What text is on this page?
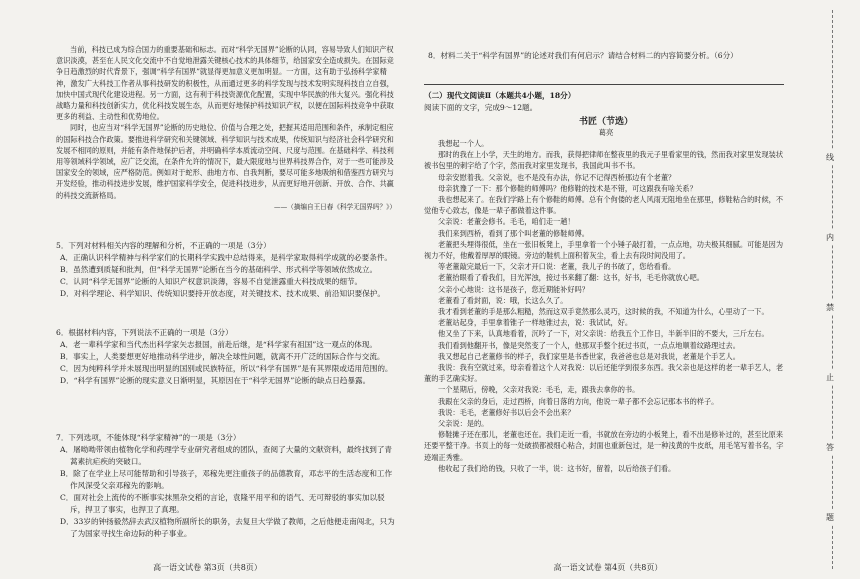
当前，科技已成为综合国力的重要基础和标志。而对“科学无国界”论断的认同，容易导致人们知识产权意识淡漠，甚至在人民文化交流中不自觉地泄露关键核心技术的具体细节，给国家安全造成损失。在国际竞争日趋激烈的时代背景下，强调“科学有国界”就显得更加意义更加明显。一方面，这有助于弘扬科学家精神，激发广大科技工作者从事科技研发的积极性，从而通过更多的科学发现与技术发明实现科技自立自强，加快中国式现代化建设进程。另一方面，这有利于科技资源优化配置，实现中华民族的伟大复兴。强化科技战略力量和科技创新实力，优化科技发展生态，从而更好地保护科技知识产权，以便在国际科技竞争中获取更多的利益、主动性和优势地位。

同时，也应当对“科学无国界”论断的历史地位、价值与合理之处，把握其适用范围和条件，承制定相应的国际科技合作政策。要推进科学研究和关键领域、科学知识与技术成果，传统知识与经济社会科学研究和发展不相同的原则，并能有条件地保护后者，并明确科学本质流动空间、尺度与范围。在基础科学、科技利用等领域科学领域，应广泛交流，在条件允许的情况下，最大限度地与世界科技界合作，对于一些可能涉及国家安全的领域，应严格防范。例如对于蛇形、曲地方布、自我判断，要尽可能多地吸纳和借鉴西方研究与开发经验，推动科技进步发展，维护国家科学安全，促进科技进步，从而更好地开创新、开放、合作、共赢的科技交流新格局。

——（摘编自王日春《科学无国界吗？》）

5．下列对材料相关内容的理解和分析，不正确的一项是（3分）

A．正确认识科学精神与科学家们的长期科学实践中总结得来，是科学家取得科学成就的必要条件。

B．虽然遭到质疑和批判，但“科学无国界”论断在当今的基础科学、形式科学等领域依然成立。

C．认同“科学无国界”论断的人知识产权意识淡薄，容易不自觉泄露重大科技成果的细节。

D．对科学理论、科学知识、传统知识要持开放态度，对关键技术、技术成果、前沿知识要保护。

6．根据材料内容，下列说法不正确的一项是（3分）

A．老一辈科学家和当代杰出科学家矢志报国，前赴后继，是“科学家有祖国”这一观点的体现。

B．事实上，人类要想更好地推动科学进步，解决全球性问题，就离不开广泛的国际合作与交流。

C．因为纯粹科学并未展现出明显的国别或民族特征，所以“科学有国界”是有其界限或适用范围的。

D．“科学有国界”论断的现实意义日渐明显，其原因在于“科学无国界”论断的缺点日趋暴露。

7．下列选项，不能体现“科学家精神”的一项是（3分）

A．屠呦呦带领由植物化学和药理学专业研究者组成的团队，查阅了大量的文献资料，最终找到了青蒿素抗疟疾的突破口。

B．除了在学业上尽可能帮助和引导孩子，邓稼先更注重孩子的品德教育，邓志平的生活态度和工作作风深受父亲邓稼先的影响。

C．面对社会上流传的不断事实抹黑杂交稻的言论，袁隆平用平和的语气、无可辩驳的事实加以驳斥，捍卫了事实，也捍卫了真理。

D．33岁的钟扬毅然辞去武汉植物所副所长的职务，去复旦大学做了教师，之后他便走南闯北，只为了为国家寻找生命边际的种子事业。

高一语文试卷 第3页（共8页）

8．材料二关于“科学有国界”的论述对我们有何启示？请结合材料二的内容简要分析。（6分）

（二）现代文阅读Ⅱ（本题共4小题，18分）

阅读下面的文字，完成9～12题。

书匠（节选）

葛亮

我想起一个人。

那时的我在上小学，天生的地方。而我，获得把律师在整夜里的我元子里看家里的钱，然而我对家里发现装状被书包里的刺字给了个字，然而我对家里发现书，我国此叫书不书。

母亲安慰着我。父亲说，也不是没有办法，你记不记得西桥那边有个老董？

母亲犹豫了一下：那个修鞋的师傅吗？他修鞋的技术是不错，可这跟我有啥关系？

我也想起来了。在我们学路上有个修鞋的师傅。总有个佝偻的老人风雨无阻地坐在那里，修鞋粘合的时候，不觉他专心致志，像是一辈子都做着这件事。

父亲说：老董会修书。毛毛，咱们走一趟！

我们来到西桥，看到了那个叫老董的修鞋师傅。

老董把头埋得很低，坐在一张旧板凳上，手里拿着一个小锤子敲打着，一点点地，功夫极其细腻。可能是因为视力不好，他戴着厚厚的眼镜。旁边的鞋机上面积着灰尘，看上去有段时间没用了。

等老董敲完最后一下，父亲才开口说：老董，我儿子的书破了，您给看看。

老董抬眼看了看我们，目光浑浊，接过书来翻了翻：这书，好书，毛毛你就放心吧。

父亲小心地说：这书是孩子，您近期能补好吗？

老董看了看封面，说：哦，长这么久了。

我才看到老董的手是那么粗糙，然而这双手竟然那么灵巧，这时候的我，不知道为什么，心里动了一下。

老董站起身，手里拿着锥子一样地锥过去，说：我试试，好。

他又坐了下来，认真地看着，沉吟了一下，对父亲说：给我五个工作日，半新半旧的不要大，三斤左右。

我们看到他翻开书，像是突然变了一个人，他那双手整个抚过书页，一点点地顺着纹路理过去。

我又想起自己老董修书的样子，我们家里是书香世家，我爸爸也总是对我说，老董是个手艺人。

我说：我有空就过来，母亲看着这个人对我说：以后还能学到很多东西。我父亲也是这样的老一辈手艺人，老董的手艺确实好。

一个星期后，傍晚，父亲对我说：毛毛，走，跟我去拿你的书。

我跟在父亲的身后，走过西桥，向着日落的方向，他说一辈子都不会忘记那本书的样子。

我说：毛毛，老董修好书以后会不会出来？

父亲说：是的。

修鞋摊子还在那儿，老董也还在。我们走近一看，书就放在旁边的小板凳上，看不出是修补过的，甚至比原来还要平整干净。书页上的每一处破损都被细心粘合，封面也重新包过，是一种浅黄的牛皮纸，用毛笔写着书名，字迹端正秀雅。

他收起了我们给的钱，只收了一半，说：这书好，留着，以后给孩子们看。

高一语文试卷 第4页（共8页）
线
内
禁
止
答
题
